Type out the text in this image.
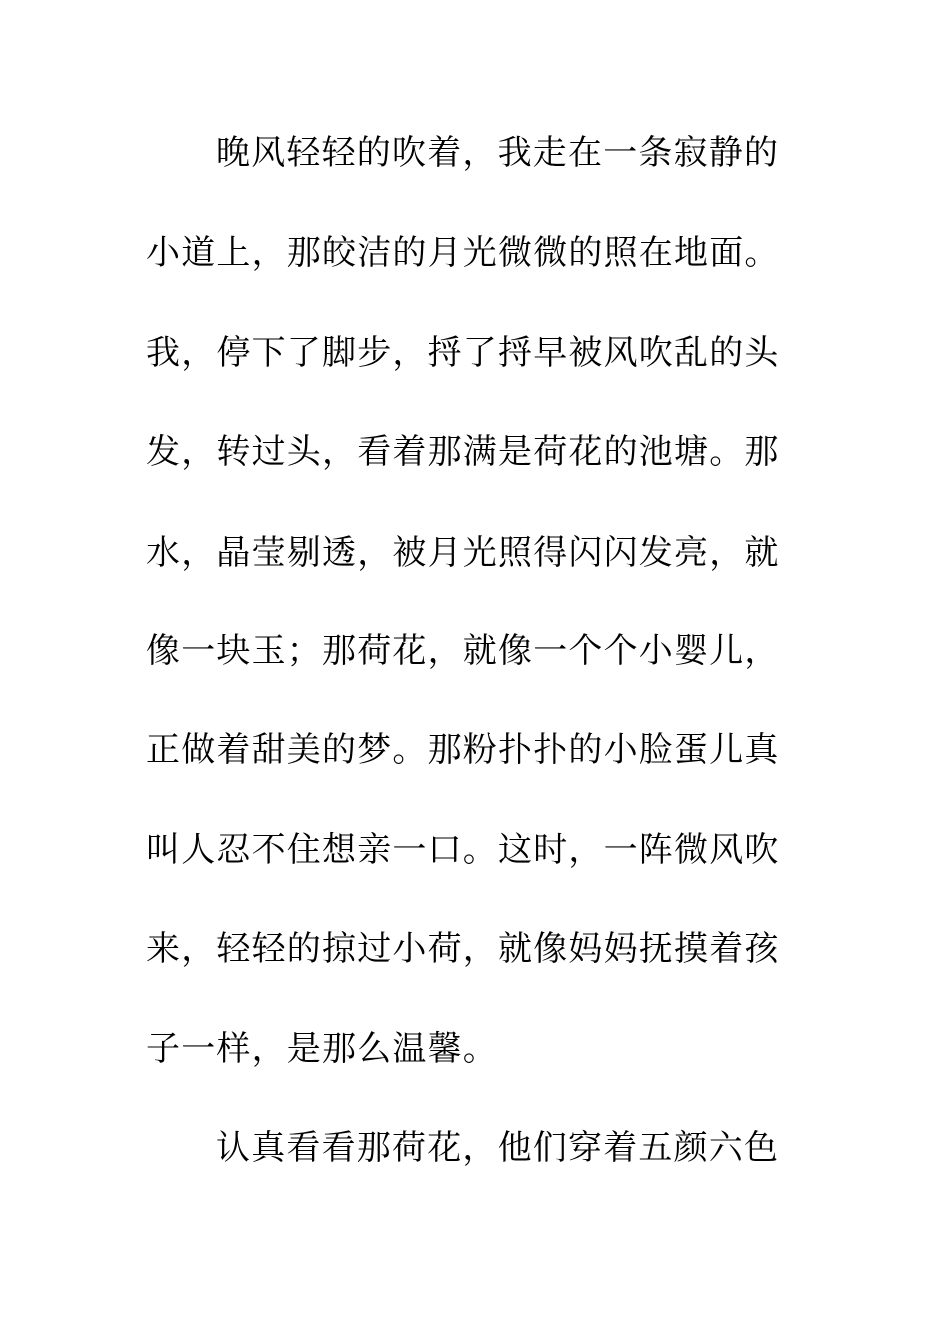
晚风轻轻的吹着，我走在一条寂静的
小道上，那皎洁的月光微微的照在地面。
我，停下了脚步，捋了捋早被风吹乱的头
发，转过头，看着那满是荷花的池塘。那
水，晶莹剔透，被月光照得闪闪发亮，就
像一块玉；那荷花，就像一个个小婴儿，
正做着甜美的梦。那粉扑扑的小脸蛋儿真
叫人忍不住想亲一口。这时，一阵微风吹
来，轻轻的掠过小荷，就像妈妈抚摸着孩
子一样，是那么温馨。
认真看看那荷花，他们穿着五颜六色
